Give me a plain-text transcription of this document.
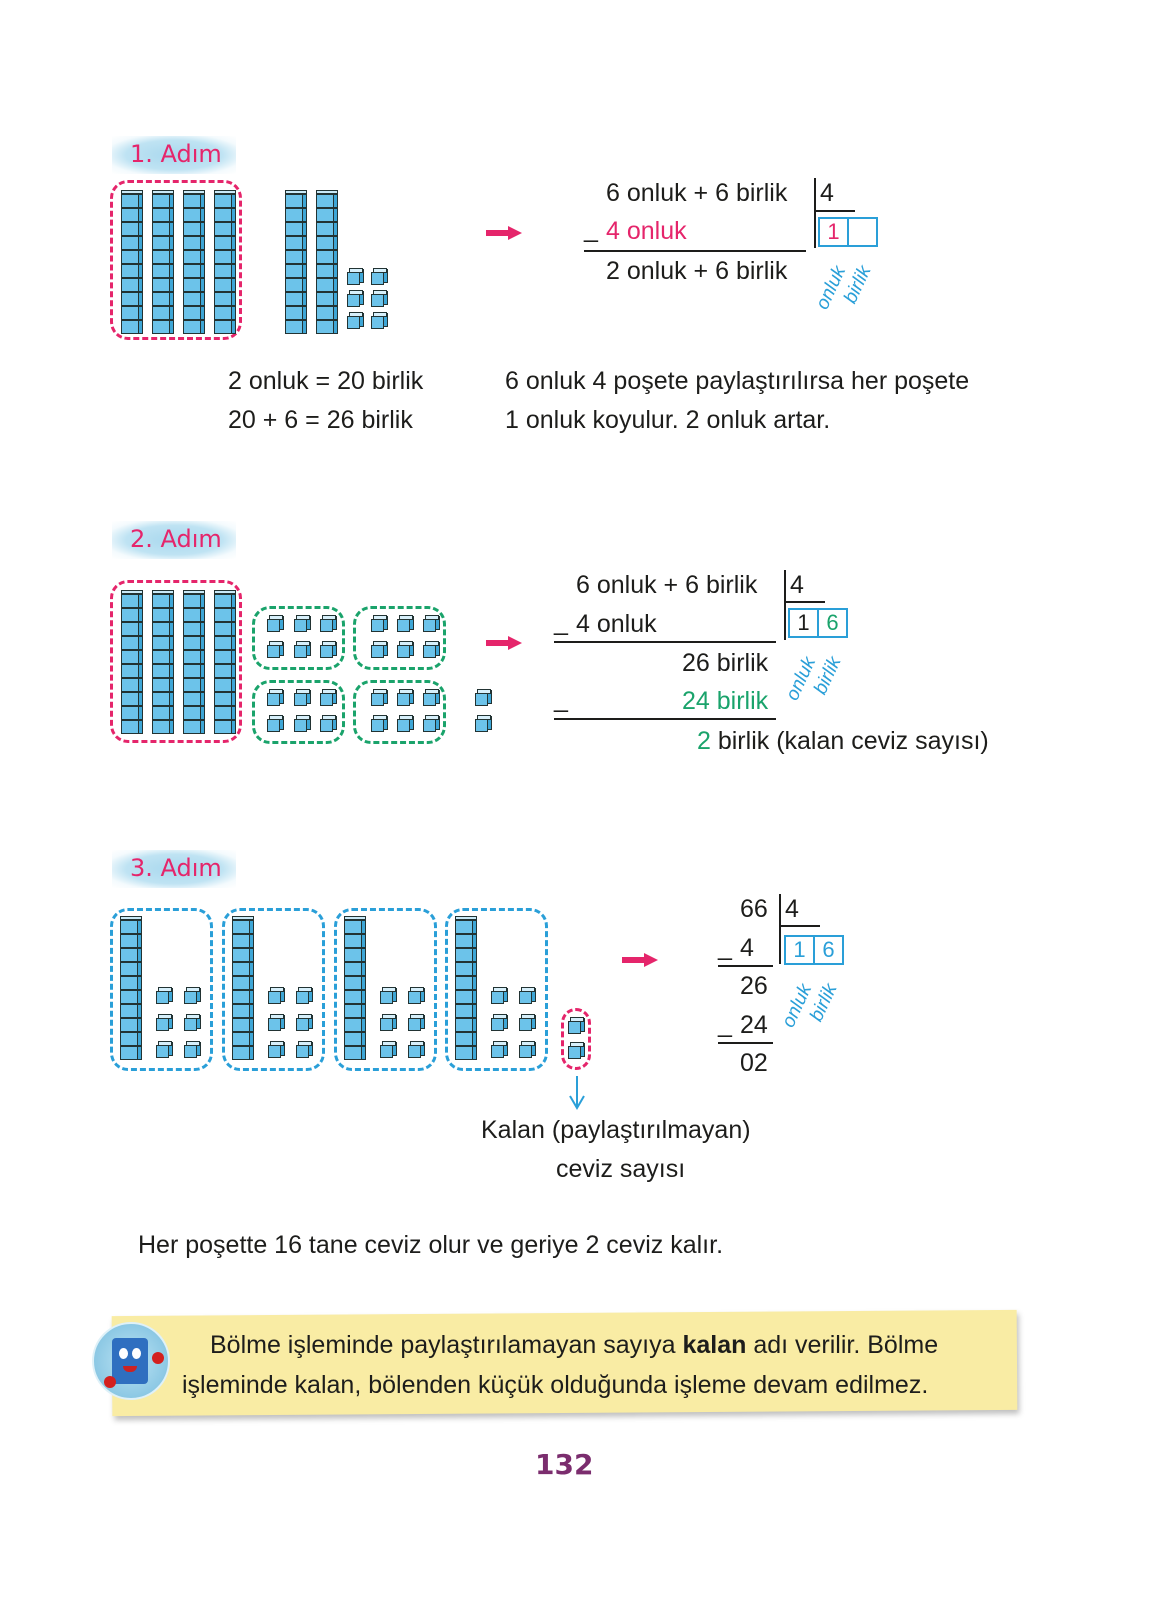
1. Adım
6 onluk + 6 birlik 4
1
_ 4 onluk
2 onluk + 6 birlik onluk
birlik
2 onluk = 20 birlik
20 + 6 = 26 birlik
6 onluk 4 poşete paylaştırılırsa her poşete
1 onluk koyulur. 2 onluk artar.
2. Adım
6 onluk + 6 birlik 4
1 6
_ 4 onluk
26 birlik
_	24 birlik
2 birlik (kalan ceviz sayısı)
onluk
birlik
3. Adım
66 4
1 6
_ 4
26
_ 24
02
onluk
birlik
Kalan (paylaştırılmayan)
ceviz sayısı
Her poşette 16 tane ceviz olur ve geriye 2 ceviz kalır.
Bölme işleminde paylaştırılamayan sayıya kalan adı verilir. Bölme
işleminde kalan, bölenden küçük olduğunda işleme devam edilmez.
132
